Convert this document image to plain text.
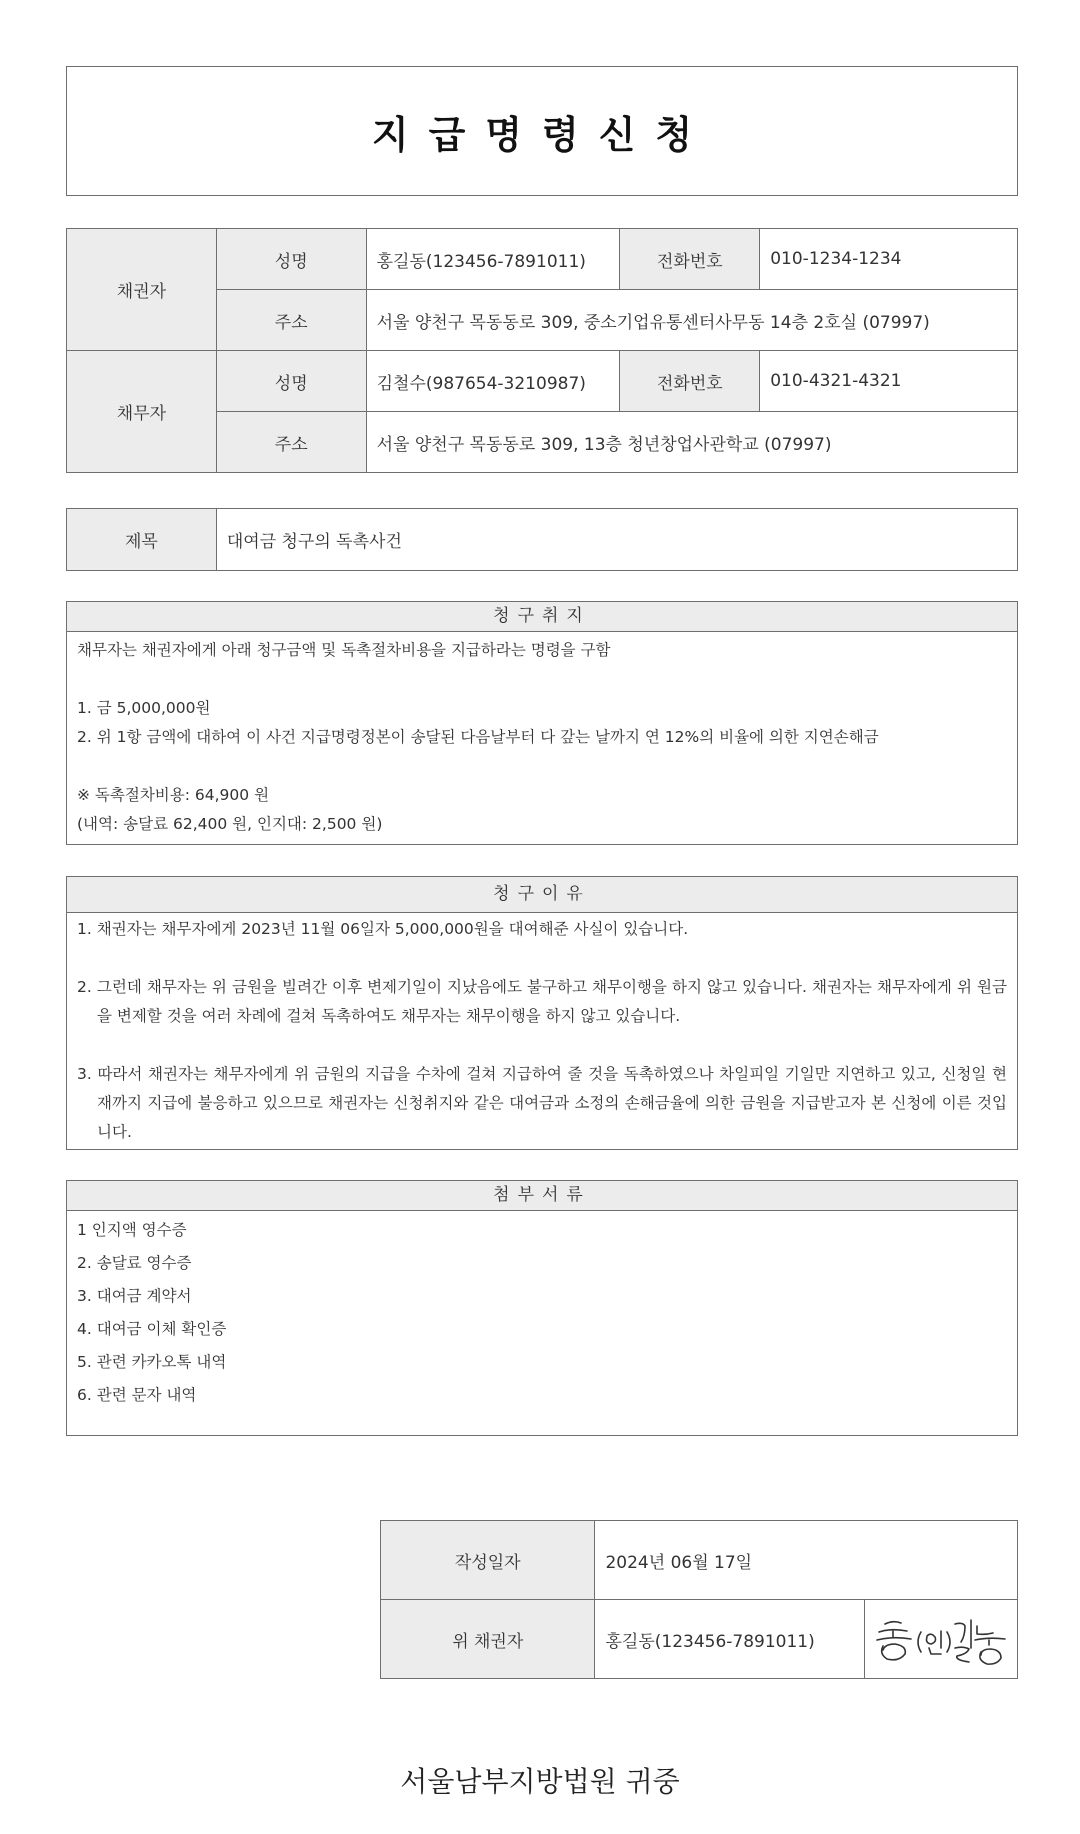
지급명령신청
채권자	성명	홍길동(123456-7891011)	전화번호	010-1234-1234
	주소	서울 양천구 목동동로 309, 중소기업유통센터사무동 14층 2호실 (07997)		
채무자	성명	김철수(987654-3210987)	전화번호	010-4321-4321
	주소	서울 양천구 목동동로 309, 13층 청년창업사관학교 (07997)		
제목	대여금 청구의 독촉사건
청구취지
채무자는 채권자에게 아래 청구금액 및 독촉절차비용을 지급하라는 명령을 구함
1. 금 5,000,000원
2. 위 1항 금액에 대하여 이 사건 지급명령정본이 송달된 다음날부터 다 갚는 날까지 연 12%의 비율에 의한 지연손해금
※ 독촉절차비용: 64,900 원
(내역: 송달료 62,400 원, 인지대: 2,500 원)
청구이유
1. 채권자는 채무자에게 2023년 11월 06일자 5,000,000원을 대여해준 사실이 있습니다.
2. 그런데 채무자는 위 금원을 빌려간 이후 변제기일이 지났음에도 불구하고 채무이행을 하지 않고 있습니다. 채권자는 채무자에게 위 원금을 변제할 것을 여러 차례에 걸쳐 독촉하여도 채무자는 채무이행을 하지 않고 있습니다.
3. 따라서 채권자는 채무자에게 위 금원의 지급을 수차에 걸쳐 지급하여 줄 것을 독촉하였으나 차일피일 기일만 지연하고 있고, 신청일 현재까지 지급에 불응하고 있으므로 채권자는 신청취지와 같은 대여금과 소정의 손해금율에 의한 금원을 지급받고자 본 신청에 이른 것입니다.
첨부서류
1 인지액 영수증
2. 송달료 영수증
3. 대여금 계약서
4. 대여금 이체 확인증
5. 관련 카카오톡 내역
6. 관련 문자 내역
작성일자	2024년 06월 17일	
위 채권자	홍길동(123456-7891011)	
서울남부지방법원 귀중
